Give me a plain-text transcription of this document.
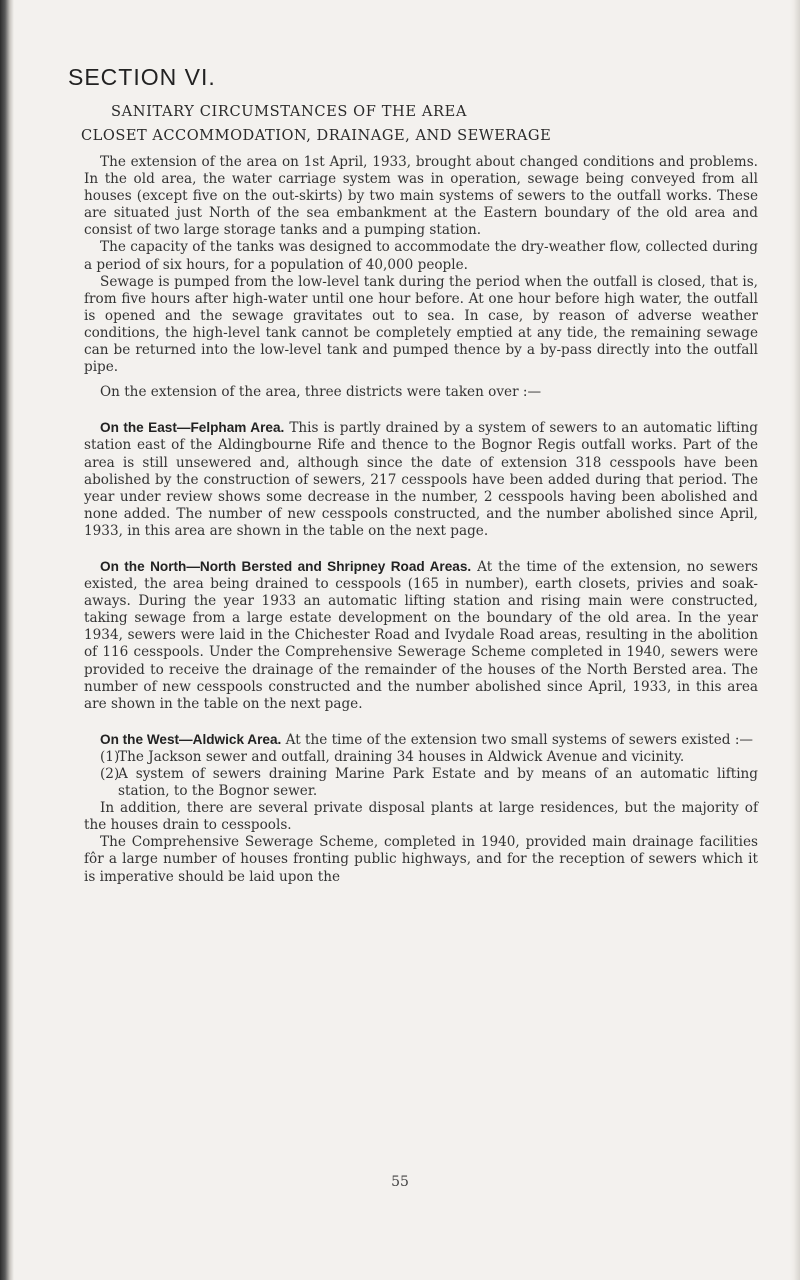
SECTION VI.
SANITARY CIRCUMSTANCES OF THE AREA
CLOSET ACCOMMODATION, DRAINAGE, AND SEWERAGE

The extension of the area on 1st April, 1933, brought about changed conditions and problems. In the old area, the water carriage system was in operation, sewage being conveyed from all houses (except five on the out-skirts) by two main systems of sewers to the outfall works. These are situated just North of the sea embankment at the Eastern boundary of the old area and consist of two large storage tanks and a pumping station.

The capacity of the tanks was designed to accommodate the dry-weather flow, collected during a period of six hours, for a population of 40,000 people.

Sewage is pumped from the low-level tank during the period when the outfall is closed, that is, from five hours after high-water until one hour before. At one hour before high water, the outfall is opened and the sewage gravitates out to sea. In case, by reason of adverse weather conditions, the high-level tank cannot be completely emptied at any tide, the remaining sewage can be returned into the low-level tank and pumped thence by a by-pass directly into the outfall pipe.

On the extension of the area, three districts were taken over :—

On the East—Felpham Area. This is partly drained by a system of sewers to an automatic lifting station east of the Aldingbourne Rife and thence to the Bognor Regis outfall works. Part of the area is still unsewered and, although since the date of extension 318 cesspools have been abolished by the construction of sewers, 217 cesspools have been added during that period. The year under review shows some decrease in the number, 2 cesspools having been abolished and none added. The number of new cesspools constructed, and the number abolished since April, 1933, in this area are shown in the table on the next page.

On the North—North Bersted and Shripney Road Areas. At the time of the extension, no sewers existed, the area being drained to cesspools (165 in number), earth closets, privies and soak-aways. During the year 1933 an automatic lifting station and rising main were constructed, taking sewage from a large estate development on the boundary of the old area. In the year 1934, sewers were laid in the Chichester Road and Ivydale Road areas, resulting in the abolition of 116 cesspools. Under the Comprehensive Sewerage Scheme completed in 1940, sewers were provided to receive the drainage of the remainder of the houses of the North Bersted area. The number of new cesspools constructed and the number abolished since April, 1933, in this area are shown in the table on the next page.

On the West—Aldwick Area. At the time of the extension two small systems of sewers existed :—

(1)
The Jackson sewer and outfall, draining 34 houses in Aldwick Avenue and vicinity.
(2)
A system of sewers draining Marine Park Estate and by means of an automatic lifting station, to the Bognor sewer.

In addition, there are several private disposal plants at large residences, but the majority of the houses drain to cesspools.

The Comprehensive Sewerage Scheme, completed in 1940, provided main drainage facilities fôr a large number of houses fronting public highways, and for the reception of sewers which it is imperative should be laid upon the

55
